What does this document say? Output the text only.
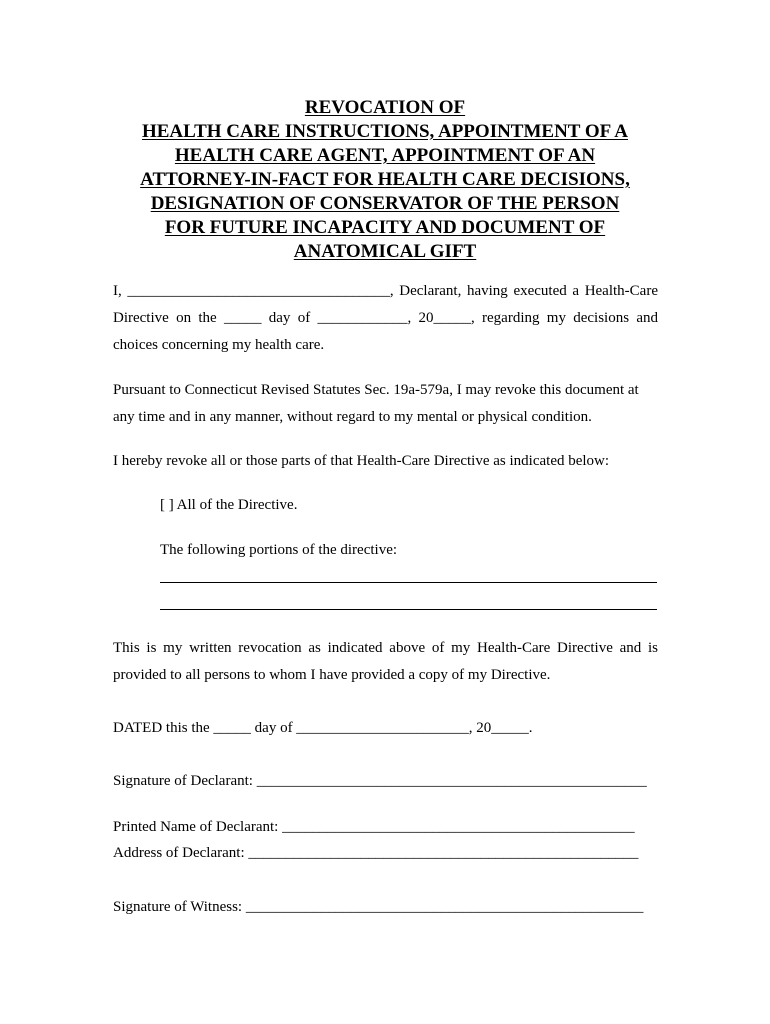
REVOCATION OF
HEALTH CARE INSTRUCTIONS, APPOINTMENT OF A
HEALTH CARE AGENT, APPOINTMENT OF AN
ATTORNEY-IN-FACT FOR HEALTH CARE DECISIONS,
DESIGNATION OF CONSERVATOR OF THE PERSON
FOR FUTURE INCAPACITY AND DOCUMENT OF
ANATOMICAL GIFT
I, ___________________________________, Declarant, having executed a Health-Care
Directive on the _____ day of ____________, 20_____, regarding my decisions and
choices concerning my health care.
Pursuant to Connecticut Revised Statutes Sec. 19a-579a, I may revoke this document at
any time and in any manner, without regard to my mental or physical condition.
I hereby revoke all or those parts of that Health-Care Directive as indicated below:
[ ] All of the Directive.
The following portions of the directive:
This is my written revocation as indicated above of my Health-Care Directive and is
provided to all persons to whom I have provided a copy of my Directive.
DATED this the _____ day of _______________________, 20_____.
Signature of Declarant: ____________________________________________________
Printed Name of Declarant: _______________________________________________
Address of Declarant: ____________________________________________________
Signature of Witness: _____________________________________________________
